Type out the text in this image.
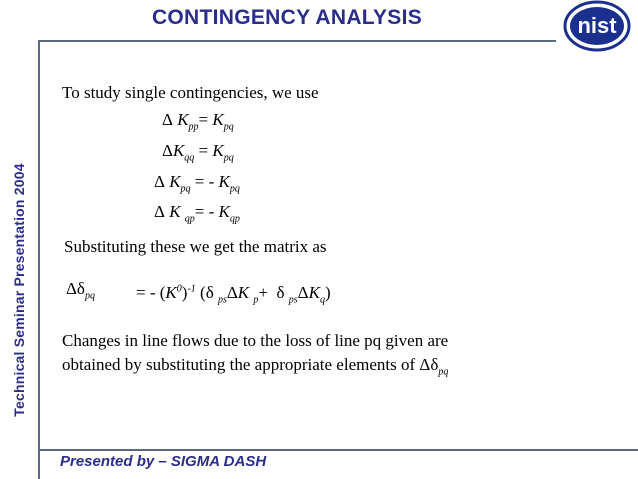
CONTINGENCY ANALYSIS	nist
Technical Seminar Presentation 2004
To study single contingencies, we use
Δ $K_{pp}= K_{pq}$
$\Delta K_{qq} = K_{pq}$
Δ $K_{pq}$ = - $K_{pq}$
Δ K $_{qp}= - K_{qp}$
Substituting these we get the matrix as
$\Delta\delta_{pq}$ = - $(K^0)^{-1}$ (δ $_{ps}$ΔK $_p$+  δ $_{ps}\Delta K_q$)
Changes in line flows due to the loss of line pq given are
obtained by substituting the appropriate elements of $\Delta\delta_{pq}$
Presented by – SIGMA DASH
